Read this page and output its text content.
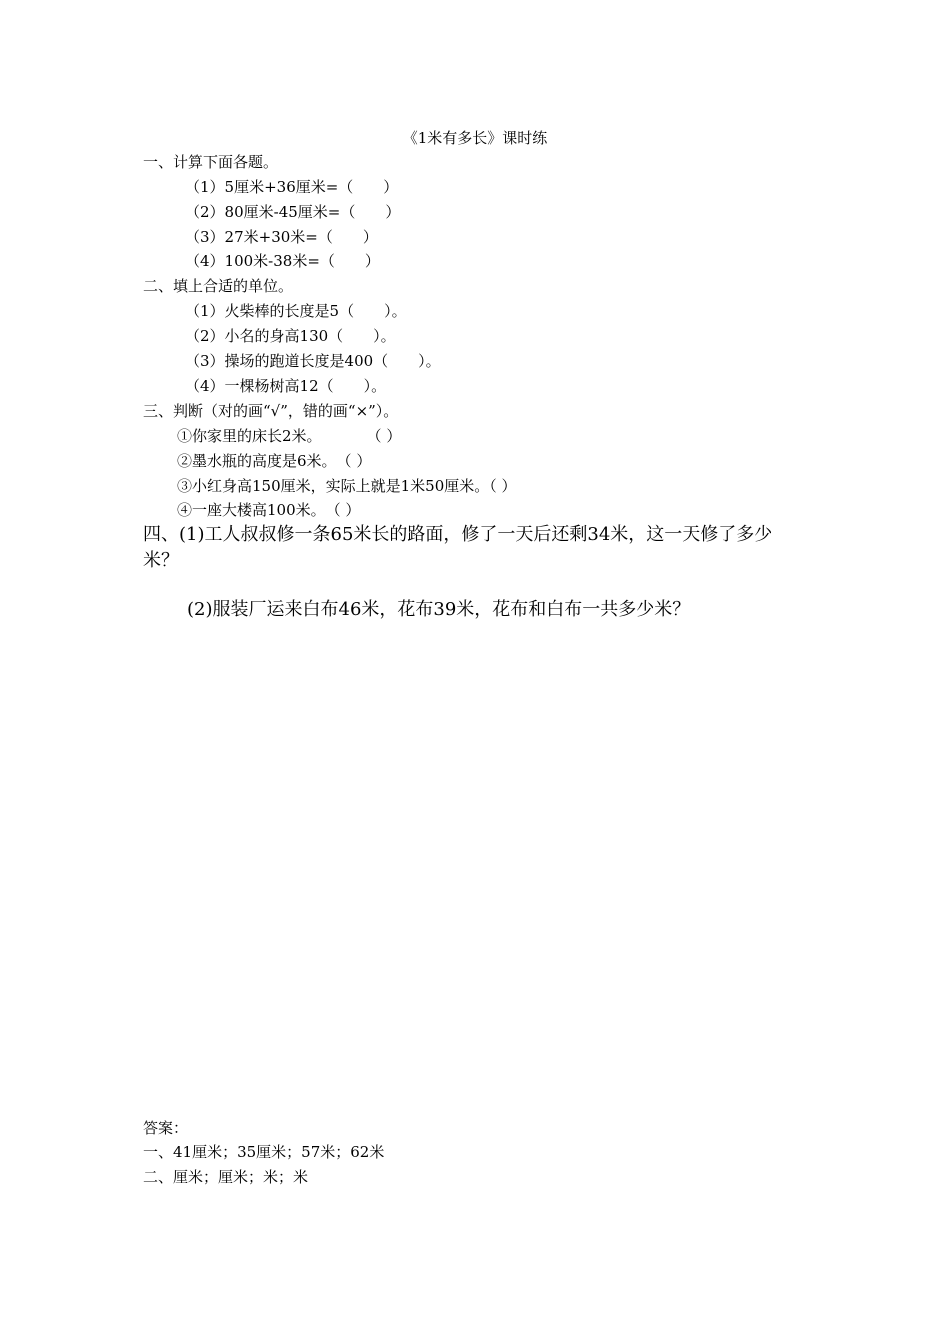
《1米有多长》课时练
一、计算下面各题。
（1）5厘米+36厘米=（　　）
（2）80厘米-45厘米=（　　）
（3）27米+30米=（　　）
（4）100米-38米=（　　）
二、填上合适的单位。
（1）火柴棒的长度是5（　　）。
（2）小名的身高130（　　）。
（3）操场的跑道长度是400（　　）。
（4）一棵杨树高12（　　）。
三、判断（对的画“√”，错的画“×”）。
①你家里的床长2米。　　　　（ ）
②墨水瓶的高度是6米。　（ ）
③小红身高150厘米，实际上就是1米50厘米。（ ）
④一座大楼高100米。　（ ）
四、(1)工人叔叔修一条65米长的路面，修了一天后还剩34米，这一天修了多少
米？
(2)服装厂运来白布46米，花布39米，花布和白布一共多少米？
答案：
一、41厘米；35厘米；57米；62米
二、厘米；厘米；米；米
